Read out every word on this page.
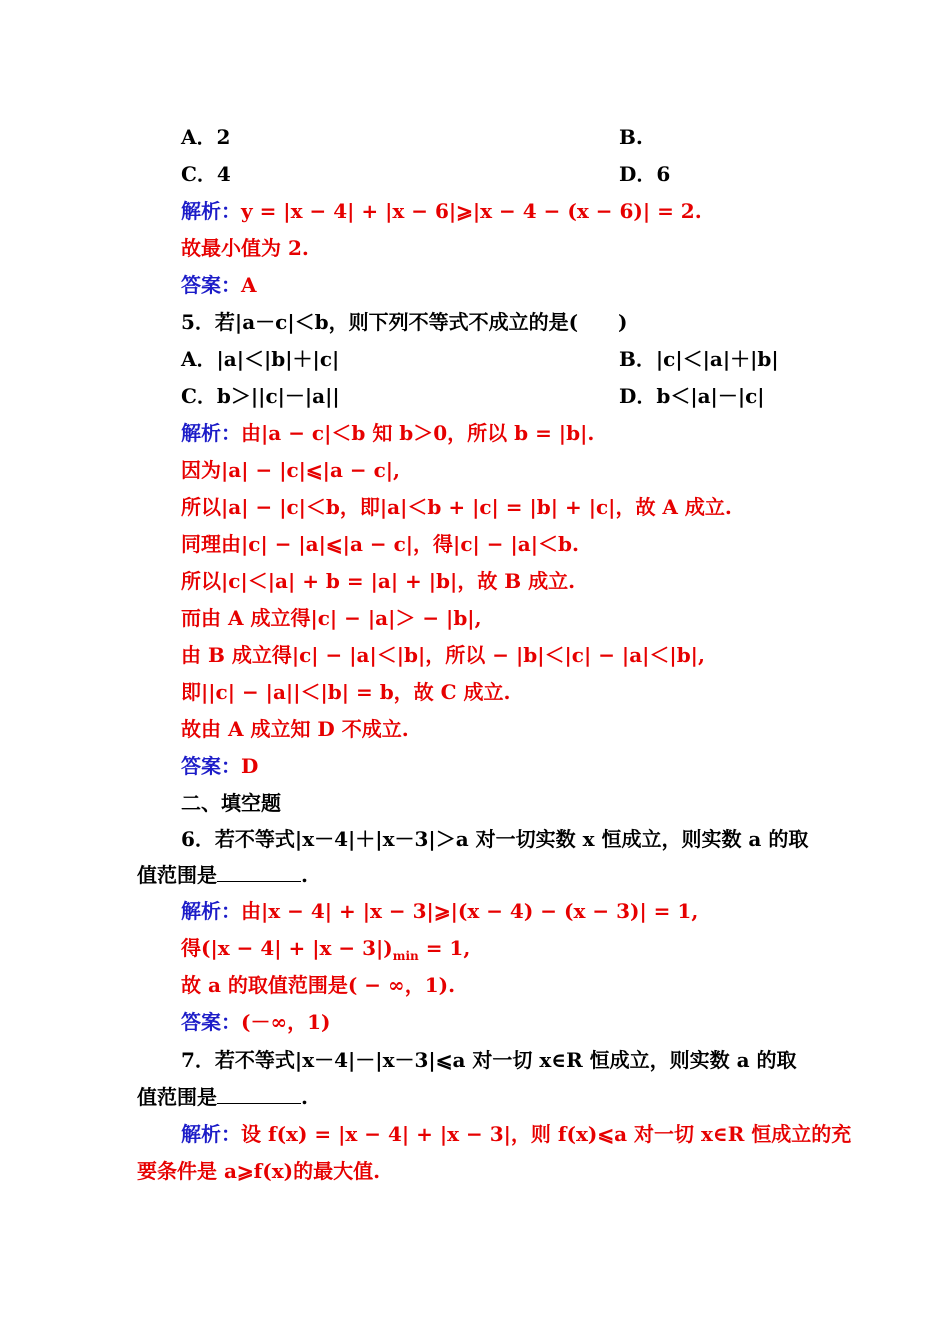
A．2	B.
C．4	D．6
解析：y = |x − 4| + |x − 6|⩾|x − 4 − (x − 6)| = 2.
故最小值为 2.
答案：A
5．若|a－c|＜b，则下列不等式不成立的是(　　)
A．|a|＜|b|＋|c|	B．|c|＜|a|＋|b|
C．b＞||c|－|a||	D．b＜|a|－|c|
解析：由|a − c|＜b 知 b＞0，所以 b = |b|.
因为|a| − |c|⩽|a − c|,
所以|a| − |c|＜b，即|a|＜b + |c| = |b| + |c|，故 A 成立.
同理由|c| − |a|⩽|a − c|，得|c| − |a|＜b.
所以|c|＜|a| + b = |a| + |b|，故 B 成立.
而由 A 成立得|c| − |a|＞ − |b|,
由 B 成立得|c| − |a|＜|b|，所以 − |b|＜|c| − |a|＜|b|,
即||c| − |a||＜|b| = b，故 C 成立.
故由 A 成立知 D 不成立.
答案：D
二、填空题
6．若不等式|x－4|＋|x－3|＞a 对一切实数 x 恒成立，则实数 a 的取
值范围是	.
解析：由|x − 4| + |x − 3|⩾|(x − 4) − (x − 3)| = 1,
得$(|x - 4| + |x - 3|)_{min} = 1$,
故 a 的取值范围是( − ∞，1).
答案：(－∞，1)
7．若不等式|x－4|－|x－3|⩽a 对一切 x∈R 恒成立，则实数 a 的取
值范围是	.
解析：设 f(x) = |x − 4| + |x − 3|，则 f(x)⩽a 对一切 x∈R 恒成立的充
要条件是 a⩾f(x)的最大值.
